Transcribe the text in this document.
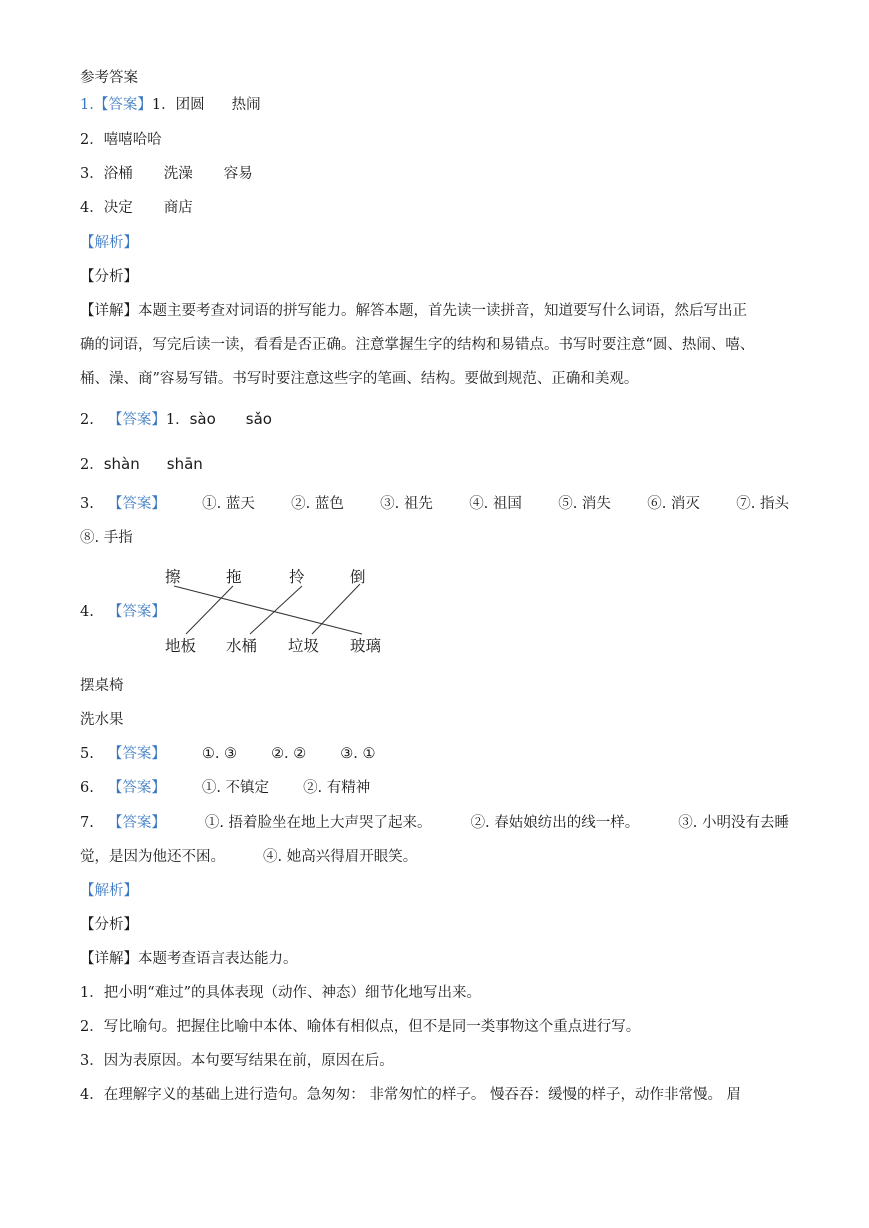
参考答案
1.【答案】1．团圆 热闹
2．嘻嘻哈哈
3．浴桶 洗澡 容易
4．决定 商店
【解析】
【分析】
【详解】本题主要考查对词语的拼写能力。解答本题，首先读一读拼音，知道要写什么词语，然后写出正
确的词语，写完后读一读，看看是否正确。注意掌握生字的结构和易错点。书写时要注意“圆、热闹、嘻、
桶、澡、商”容易写错。书写时要注意这些字的笔画、结构。要做到规范、正确和美观。
2. 【答案】1．sào sǎo
2．shàn shān
3. 【答案】	①. 蓝天	②. 蓝色	③. 祖先	④. 祖国	⑤. 消失	⑥. 消灭	⑦. 指头
⑧. 手指
4. 【答案】
擦	拖	拎	倒
地板 水桶 垃圾 玻璃
摆桌椅
洗水果
5. 【答案】 ①. ③ ②. ② ③. ①
6. 【答案】 ①. 不镇定 ②. 有精神
7. 【答案】	①. 捂着脸坐在地上大声哭了起来。	②. 春姑娘纺出的线一样。	③. 小明没有去睡
觉，是因为他还不困。	④. 她高兴得眉开眼笑。
【解析】
【分析】
【详解】本题考查语言表达能力。
1．把小明“难过”的具体表现（动作、神态）细节化地写出来。
2．写比喻句。把握住比喻中本体、喻体有相似点，但不是同一类事物这个重点进行写。
3．因为表原因。本句要写结果在前，原因在后。
4．在理解字义的基础上进行造句。急匆匆： 非常匆忙的样子。 慢吞吞：缓慢的样子，动作非常慢。 眉
